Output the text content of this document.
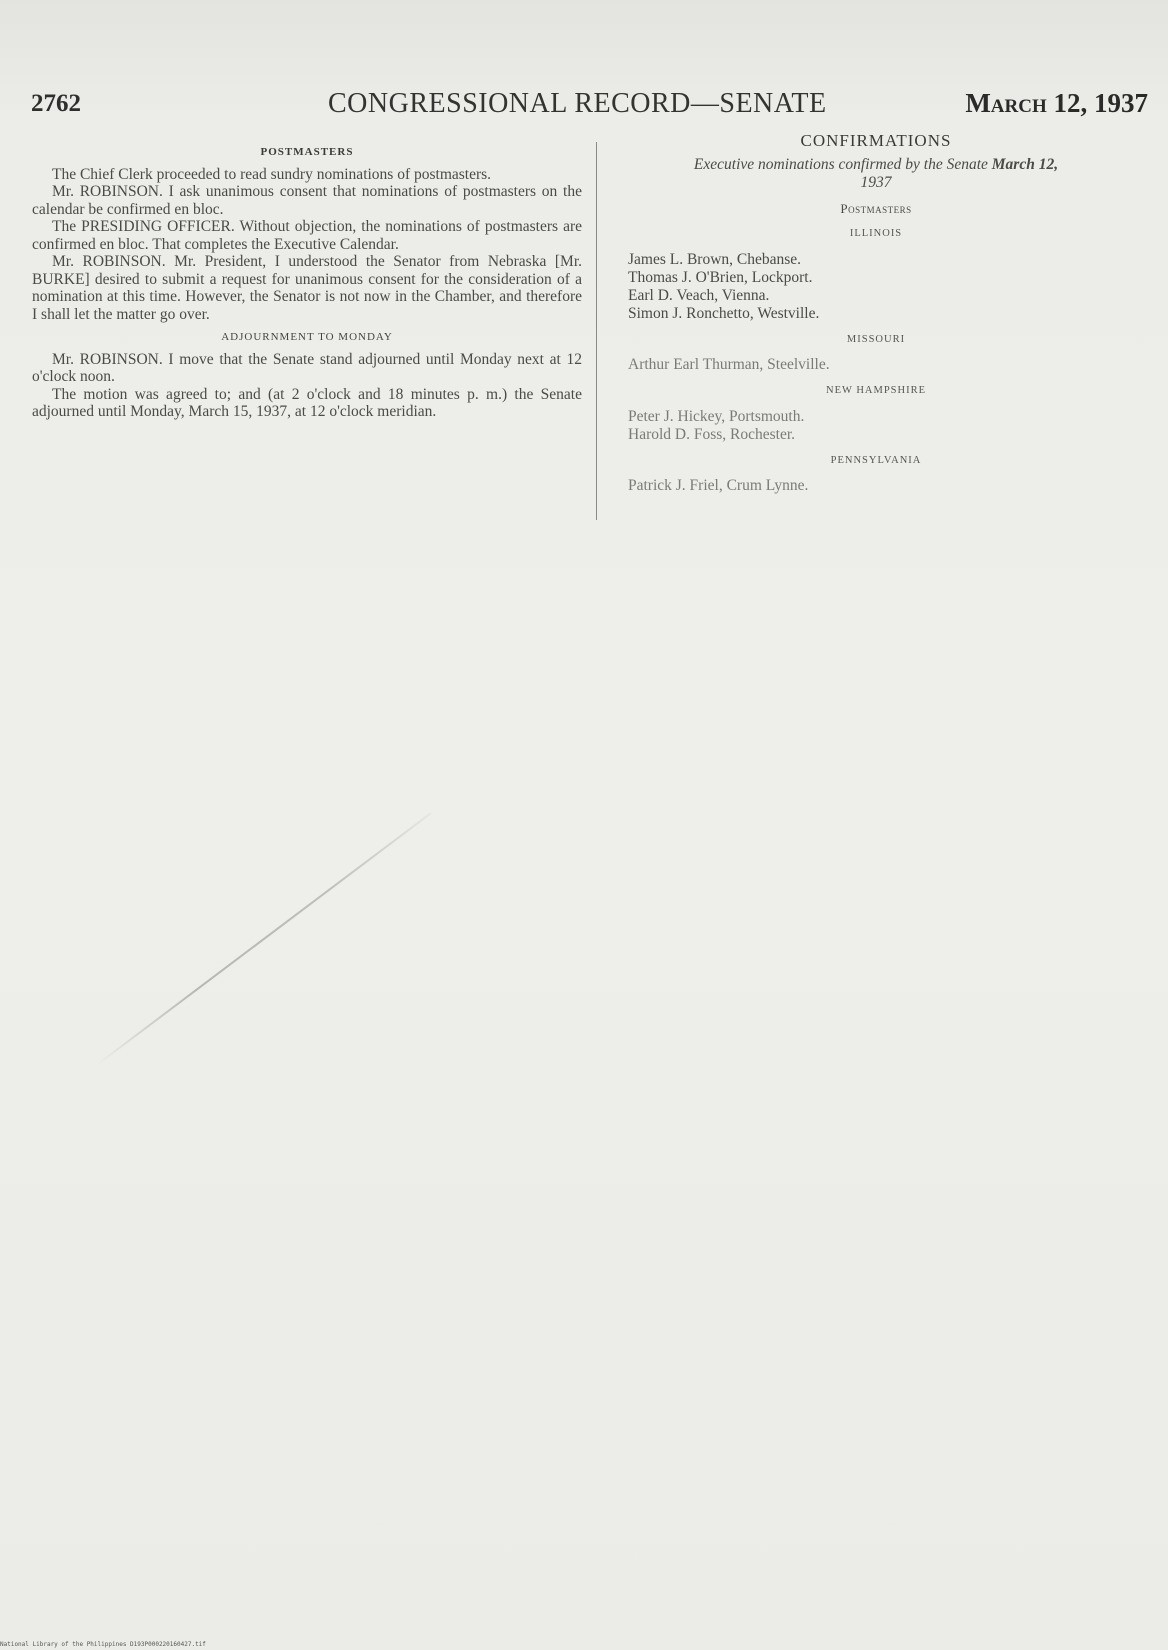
2762	CONGRESSIONAL RECORD—SENATE	March 12, 1937
POSTMASTERS

The Chief Clerk proceeded to read sundry nominations of postmasters.

Mr. ROBINSON. I ask unanimous consent that nominations of postmasters on the calendar be confirmed en bloc.

The PRESIDING OFFICER. Without objection, the nominations of postmasters are confirmed en bloc. That completes the Executive Calendar.

Mr. ROBINSON. Mr. President, I understood the Senator from Nebraska [Mr. BURKE] desired to submit a request for unanimous consent for the consideration of a nomination at this time. However, the Senator is not now in the Chamber, and therefore I shall let the matter go over.

ADJOURNMENT TO MONDAY

Mr. ROBINSON. I move that the Senate stand adjourned until Monday next at 12 o'clock noon.

The motion was agreed to; and (at 2 o'clock and 18 minutes p. m.) the Senate adjourned until Monday, March 15, 1937, at 12 o'clock meridian.

CONFIRMATIONS
Executive nominations confirmed by the Senate March 12,
1937
Postmasters
ILLINOIS
James L. Brown, Chebanse.
Thomas J. O'Brien, Lockport.
Earl D. Veach, Vienna.
Simon J. Ronchetto, Westville.
MISSOURI
Arthur Earl Thurman, Steelville.
NEW HAMPSHIRE
Peter J. Hickey, Portsmouth.
Harold D. Foss, Rochester.
PENNSYLVANIA
Patrick J. Friel, Crum Lynne.
National Library of the Philippines D193P000220160427.tif
